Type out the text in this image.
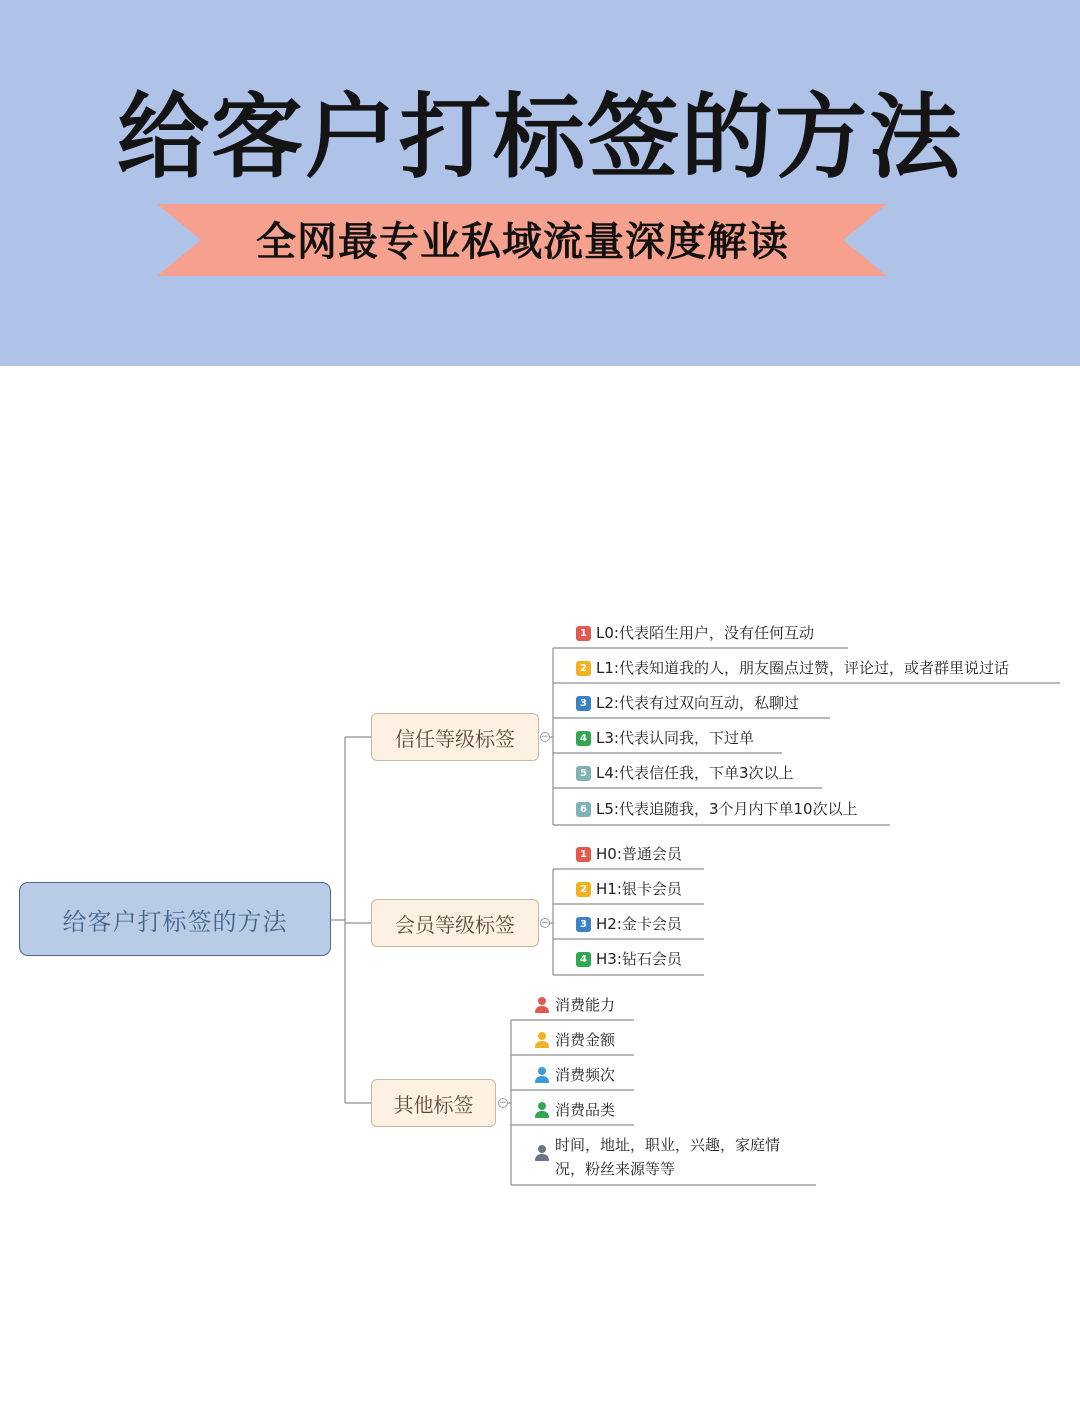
给客户打标签的方法
全网最专业私域流量深度解读
给客户打标签的方法
信任等级标签
会员等级标签
其他标签
−
−
−
1 L0:代表陌生用户，没有任何互动
2 L1:代表知道我的人，朋友圈点过赞，评论过，或者群里说过话
3 L2:代表有过双向互动，私聊过
4 L3:代表认同我，下过单
5 L4:代表信任我，下单3次以上
6 L5:代表追随我，3个月内下单10次以上
1 H0:普通会员
2 H1:银卡会员
3 H2:金卡会员
4 H3:钻石会员
消费能力
消费金额
消费频次
消费品类
时间，地址，职业，兴趣，家庭情况，粉丝来源等等
